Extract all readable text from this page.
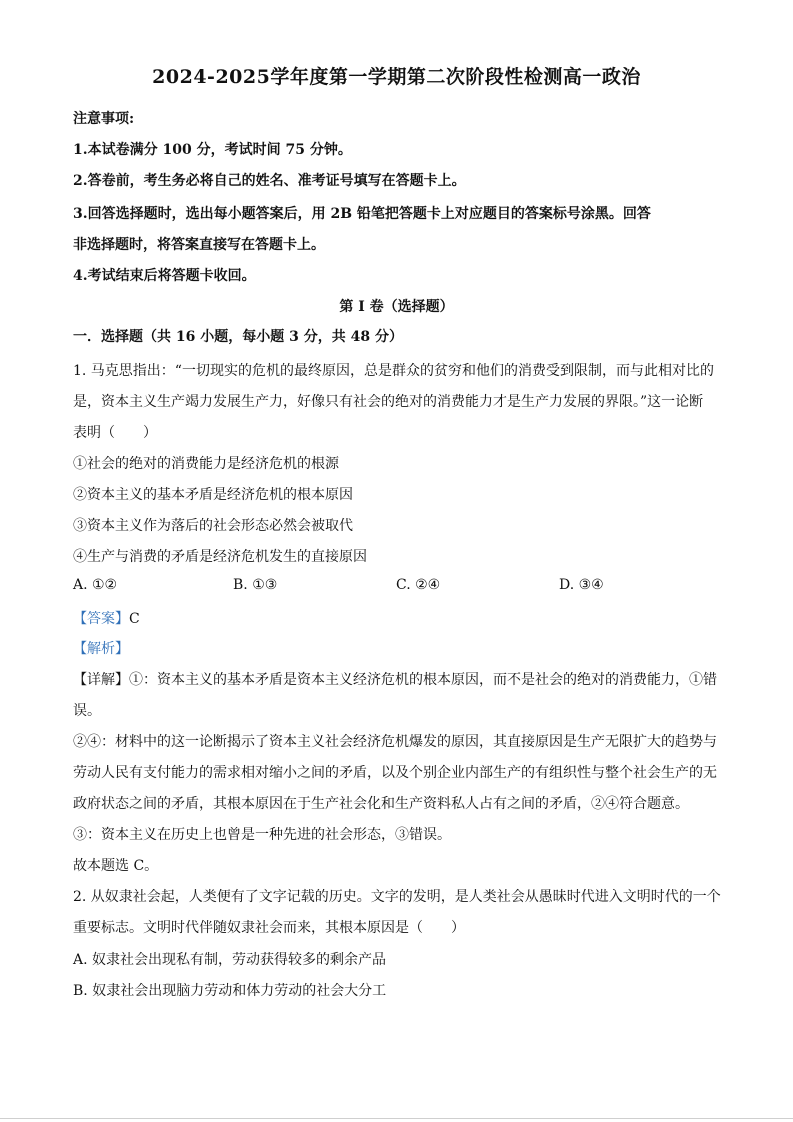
2024-2025学年度第一学期第二次阶段性检测高一政治
注意事项:
1.本试卷满分 100 分，考试时间 75 分钟。
2.答卷前，考生务必将自己的姓名、准考证号填写在答题卡上。
3.回答选择题时，选出每小题答案后，用 2B 铅笔把答题卡上对应题目的答案标号涂黑。回答
非选择题时，将答案直接写在答题卡上。
4.考试结束后将答题卡收回。
第 I 卷（选择题）
一．选择题（共 16 小题，每小题 3 分，共 48 分）
1. 马克思指出：“一切现实的危机的最终原因，总是群众的贫穷和他们的消费受到限制，而与此相对比的
是，资本主义生产竭力发展生产力，好像只有社会的绝对的消费能力才是生产力发展的界限。”这一论断
表明（　　）
①社会的绝对的消费能力是经济危机的根源
②资本主义的基本矛盾是经济危机的根本原因
③资本主义作为落后的社会形态必然会被取代
④生产与消费的矛盾是经济危机发生的直接原因
A. ①②	B. ①③	C. ②④	D. ③④
【答案】C
【解析】
【详解】①：资本主义的基本矛盾是资本主义经济危机的根本原因，而不是社会的绝对的消费能力，①错
误。
②④：材料中的这一论断揭示了资本主义社会经济危机爆发的原因，其直接原因是生产无限扩大的趋势与
劳动人民有支付能力的需求相对缩小之间的矛盾，以及个别企业内部生产的有组织性与整个社会生产的无
政府状态之间的矛盾，其根本原因在于生产社会化和生产资料私人占有之间的矛盾，②④符合题意。
③：资本主义在历史上也曾是一种先进的社会形态，③错误。
故本题选 C。
2. 从奴隶社会起，人类便有了文字记载的历史。文字的发明，是人类社会从愚昧时代进入文明时代的一个
重要标志。文明时代伴随奴隶社会而来，其根本原因是（　　）
A. 奴隶社会出现私有制，劳动获得较多的剩余产品
B. 奴隶社会出现脑力劳动和体力劳动的社会大分工
